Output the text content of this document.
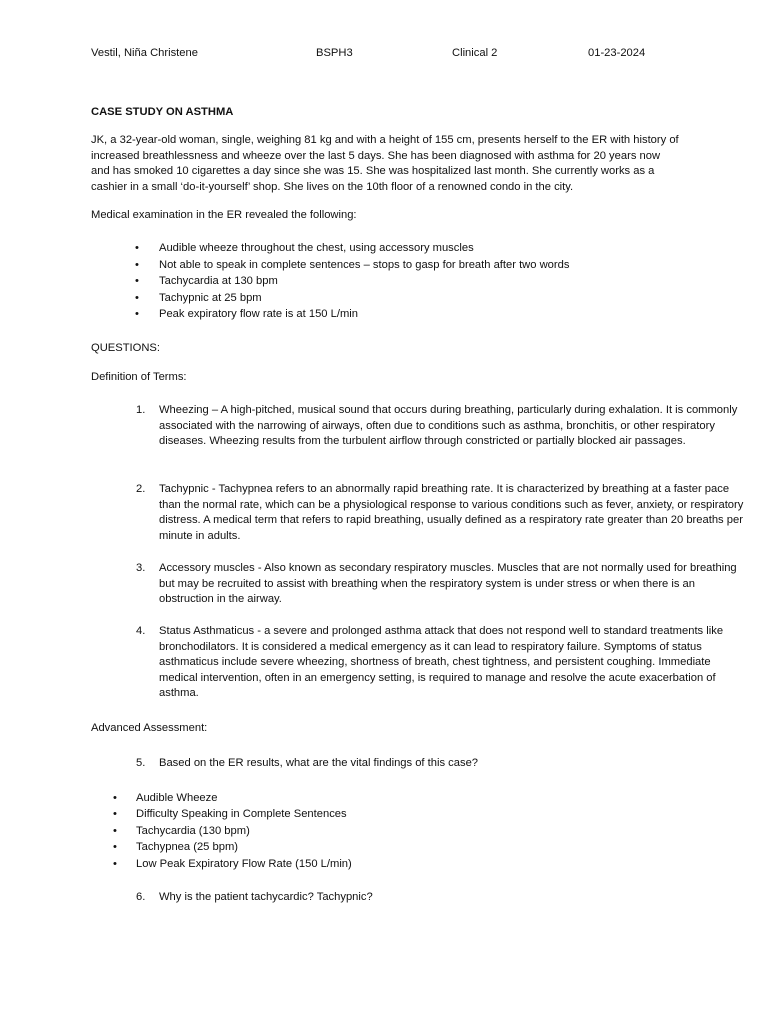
Vestil, Niña Christene	BSPH3	Clinical 2	01-23-2024
CASE STUDY ON ASTHMA
JK, a 32-year-old woman, single, weighing 81 kg and with a height of 155 cm, presents herself to the ER with history of increased breathlessness and wheeze over the last 5 days. She has been diagnosed with asthma for 20 years now and has smoked 10 cigarettes a day since she was 15. She was hospitalized last month. She currently works as a cashier in a small ‘do-it-yourself’ shop. She lives on the 10th floor of a renowned condo in the city.
Medical examination in the ER revealed the following:
• Audible wheeze throughout the chest, using accessory muscles
• Not able to speak in complete sentences – stops to gasp for breath after two words
• Tachycardia at 130 bpm
• Tachypnic at 25 bpm
• Peak expiratory flow rate is at 150 L/min
QUESTIONS:
Definition of Terms:
1. Wheezing – A high-pitched, musical sound that occurs during breathing, particularly during exhalation. It is commonly associated with the narrowing of airways, often due to conditions such as asthma, bronchitis, or other respiratory diseases. Wheezing results from the turbulent airflow through constricted or partially blocked air passages.
2. Tachypnic - Tachypnea refers to an abnormally rapid breathing rate. It is characterized by breathing at a faster pace than the normal rate, which can be a physiological response to various conditions such as fever, anxiety, or respiratory distress. A medical term that refers to rapid breathing, usually defined as a respiratory rate greater than 20 breaths per minute in adults.
3. Accessory muscles - Also known as secondary respiratory muscles. Muscles that are not normally used for breathing but may be recruited to assist with breathing when the respiratory system is under stress or when there is an obstruction in the airway.
4. Status Asthmaticus - a severe and prolonged asthma attack that does not respond well to standard treatments like bronchodilators. It is considered a medical emergency as it can lead to respiratory failure. Symptoms of status asthmaticus include severe wheezing, shortness of breath, chest tightness, and persistent coughing. Immediate medical intervention, often in an emergency setting, is required to manage and resolve the acute exacerbation of asthma.
Advanced Assessment:
5. Based on the ER results, what are the vital findings of this case?
• Audible Wheeze
• Difficulty Speaking in Complete Sentences
• Tachycardia (130 bpm)
• Tachypnea (25 bpm)
• Low Peak Expiratory Flow Rate (150 L/min)
6. Why is the patient tachycardic? Tachypnic?
